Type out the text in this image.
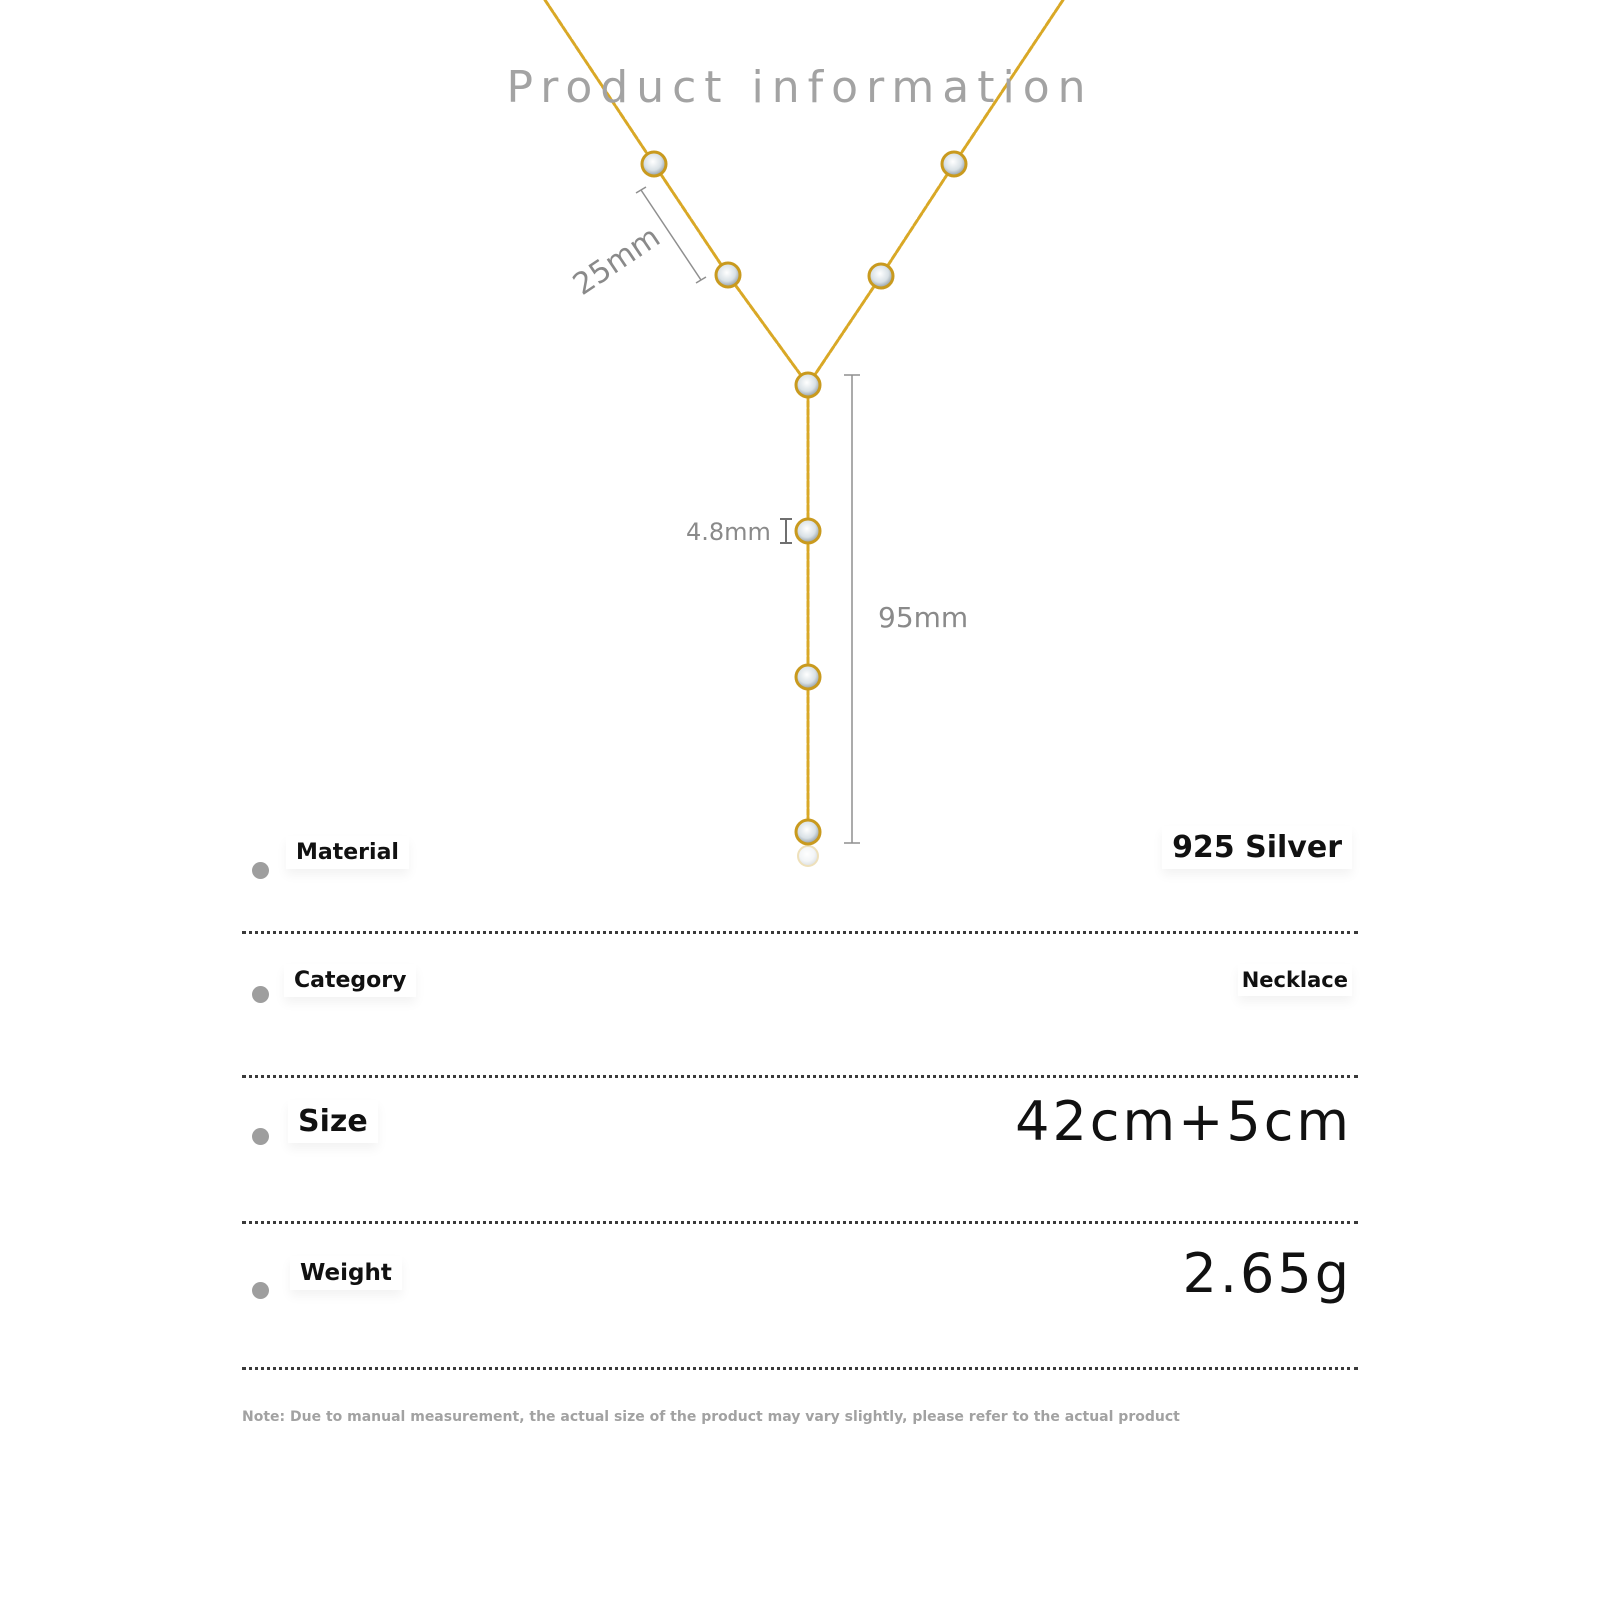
25mm
4.8mm
95mm
Product information
Material	925 Silver
Category	Necklace
Size	42cm+5cm
Weight	2.65g
Note: Due to manual measurement, the actual size of the product may vary slightly, please refer to the actual product
